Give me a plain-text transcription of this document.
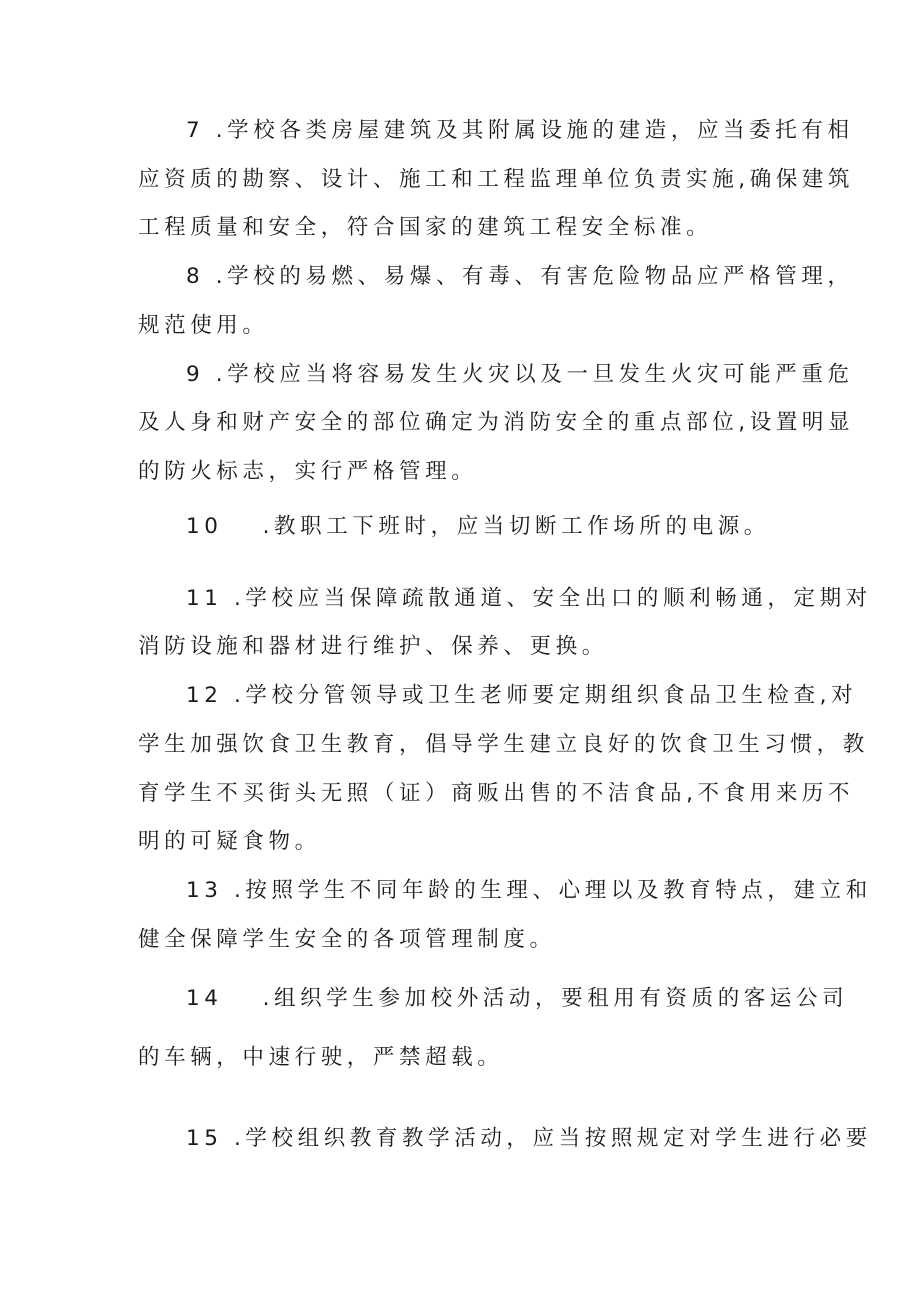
7 .学校各类房屋建筑及其附属设施的建造，应当委托有相
应资质的勘察、设计、施工和工程监理单位负责实施,确保建筑
工程质量和安全，符合国家的建筑工程安全标准。
8 .学校的易燃、易爆、有毒、有害危险物品应严格管理，
规范使用。
9 .学校应当将容易发生火灾以及一旦发生火灾可能严重危
及人身和财产安全的部位确定为消防安全的重点部位,设置明显
的防火标志，实行严格管理。
10 .教职工下班时，应当切断工作场所的电源。
11 .学校应当保障疏散通道、安全出口的顺利畅通，定期对
消防设施和器材进行维护、保养、更换。
12 .学校分管领导或卫生老师要定期组织食品卫生检查,对
学生加强饮食卫生教育，倡导学生建立良好的饮食卫生习惯，教
育学生不买街头无照（证）商贩出售的不洁食品,不食用来历不
明的可疑食物。
13 .按照学生不同年龄的生理、心理以及教育特点，建立和
健全保障学生安全的各项管理制度。
14 .组织学生参加校外活动，要租用有资质的客运公司
的车辆，中速行驶，严禁超载。
15 .学校组织教育教学活动，应当按照规定对学生进行必要
